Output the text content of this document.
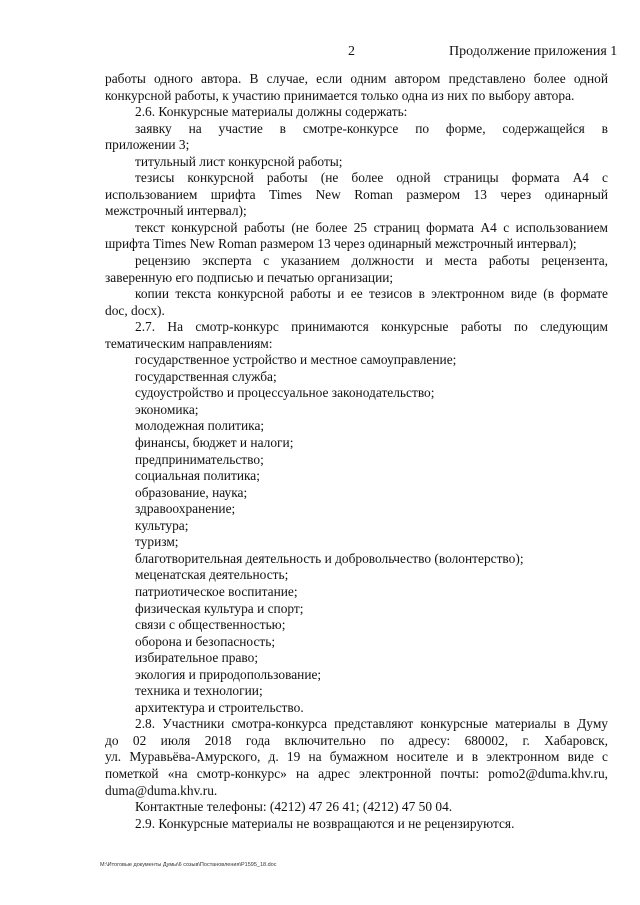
2	Продолжение приложения 1
работы одного автора. В случае, если одним автором представлено более одной
конкурсной работы, к участию принимается только одна из них по выбору автора.
2.6. Конкурсные материалы должны содержать:
заявку на участие в смотре-конкурсе по форме, содержащейся в
приложении 3;
титульный лист конкурсной работы;
тезисы конкурсной работы (не более одной страницы формата А4 с
использованием шрифта Times New Roman размером 13 через одинарный
межстрочный интервал);
текст конкурсной работы (не более 25 страниц формата А4 с использованием
шрифта Times New Roman размером 13 через одинарный межстрочный интервал);
рецензию эксперта с указанием должности и места работы рецензента,
заверенную его подписью и печатью организации;
копии текста конкурсной работы и ее тезисов в электронном виде (в формате
doc, docx).
2.7. На смотр-конкурс принимаются конкурсные работы по следующим
тематическим направлениям:
государственное устройство и местное самоуправление;
государственная служба;
судоустройство и процессуальное законодательство;
экономика;
молодежная политика;
финансы, бюджет и налоги;
предпринимательство;
социальная политика;
образование, наука;
здравоохранение;
культура;
туризм;
благотворительная деятельность и добровольчество (волонтерство);
меценатская деятельность;
патриотическое воспитание;
физическая культура и спорт;
связи с общественностью;
оборона и безопасность;
избирательное право;
экология и природопользование;
техника и технологии;
архитектура и строительство.
2.8. Участники смотра-конкурса представляют конкурсные материалы в Думу
до 02 июля 2018 года включительно по адресу: 680002, г. Хабаровск,
ул. Муравьёва-Амурского, д. 19 на бумажном носителе и в электронном виде с
пометкой «на смотр-конкурс» на адрес электронной почты: pomo2@duma.khv.ru,
duma@duma.khv.ru.
Контактные телефоны: (4212) 47 26 41; (4212) 47 50 04.
2.9. Конкурсные материалы не возвращаются и не рецензируются.
М:\Итоговые документы Думы\6 созыв\Постановления\Р1595_18.doc
